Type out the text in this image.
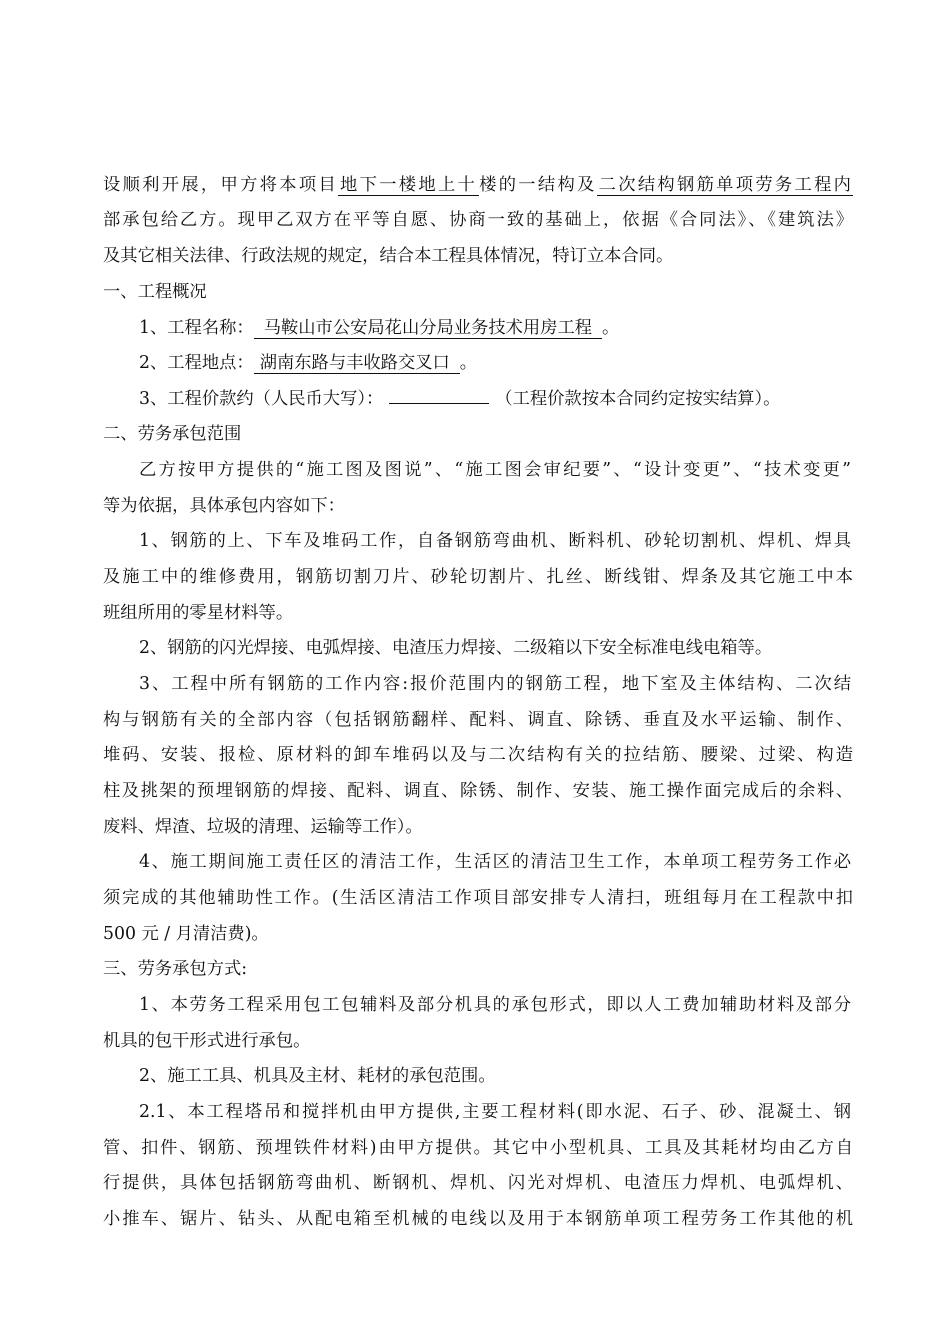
设顺利开展，甲方将本项目 地下一楼地上十 楼的一结构及 二次结构钢筋单项劳务工程内
部承包给乙方。现甲乙双方在平等自愿、协商一致的基础上，依据《合同法》、《建筑法》
及其它相关法律、行政法规的规定，结合本工程具体情况，特订立本合同。
一、工程概况
1、工程名称： 马鞍山市公安局花山分局业务技术用房工程 。
2、工程地点： 湖南东路与丰收路交叉口 。
3、工程价款约（人民币大写）：	（工程价款按本合同约定按实结算）。
二、劳务承包范围
乙方按甲方提供的“施工图及图说”、“施工图会审纪要”、“设计变更”、“技术变更”
等为依据，具体承包内容如下：
1、钢筋的上、下车及堆码工作，自备钢筋弯曲机、断料机、砂轮切割机、焊机、焊具
及施工中的维修费用，钢筋切割刀片、砂轮切割片、扎丝、断线钳、焊条及其它施工中本
班组所用的零星材料等。
2、钢筋的闪光焊接、电弧焊接、电渣压力焊接、二级箱以下安全标准电线电箱等。
3、工程中所有钢筋的工作内容:报价范围内的钢筋工程，地下室及主体结构、二次结
构与钢筋有关的全部内容（包括钢筋翻样、配料、调直、除锈、垂直及水平运输、制作、
堆码、安装、报检、原材料的卸车堆码以及与二次结构有关的拉结筋、腰梁、过梁、构造
柱及挑架的预埋钢筋的焊接、配料、调直、除锈、制作、安装、施工操作面完成后的余料、
废料、焊渣、垃圾的清理、运输等工作）。
4、施工期间施工责任区的清洁工作，生活区的清洁卫生工作，本单项工程劳务工作必
须完成的其他辅助性工作。(生活区清洁工作项目部安排专人清扫，班组每月在工程款中扣
500 元 / 月清洁费)。
三、劳务承包方式:
1、本劳务工程采用包工包辅料及部分机具的承包形式，即以人工费加辅助材料及部分
机具的包干形式进行承包。
2、施工工具、机具及主材、耗材的承包范围。
2.1、本工程塔吊和搅拌机由甲方提供,主要工程材料(即水泥、石子、砂、混凝土、钢
管、扣件、钢筋、预埋铁件材料)由甲方提供。其它中小型机具、工具及其耗材均由乙方自
行提供，具体包括钢筋弯曲机、断钢机、焊机、闪光对焊机、电渣压力焊机、电弧焊机、
小推车、锯片、钻头、从配电箱至机械的电线以及用于本钢筋单项工程劳务工作其他的机
